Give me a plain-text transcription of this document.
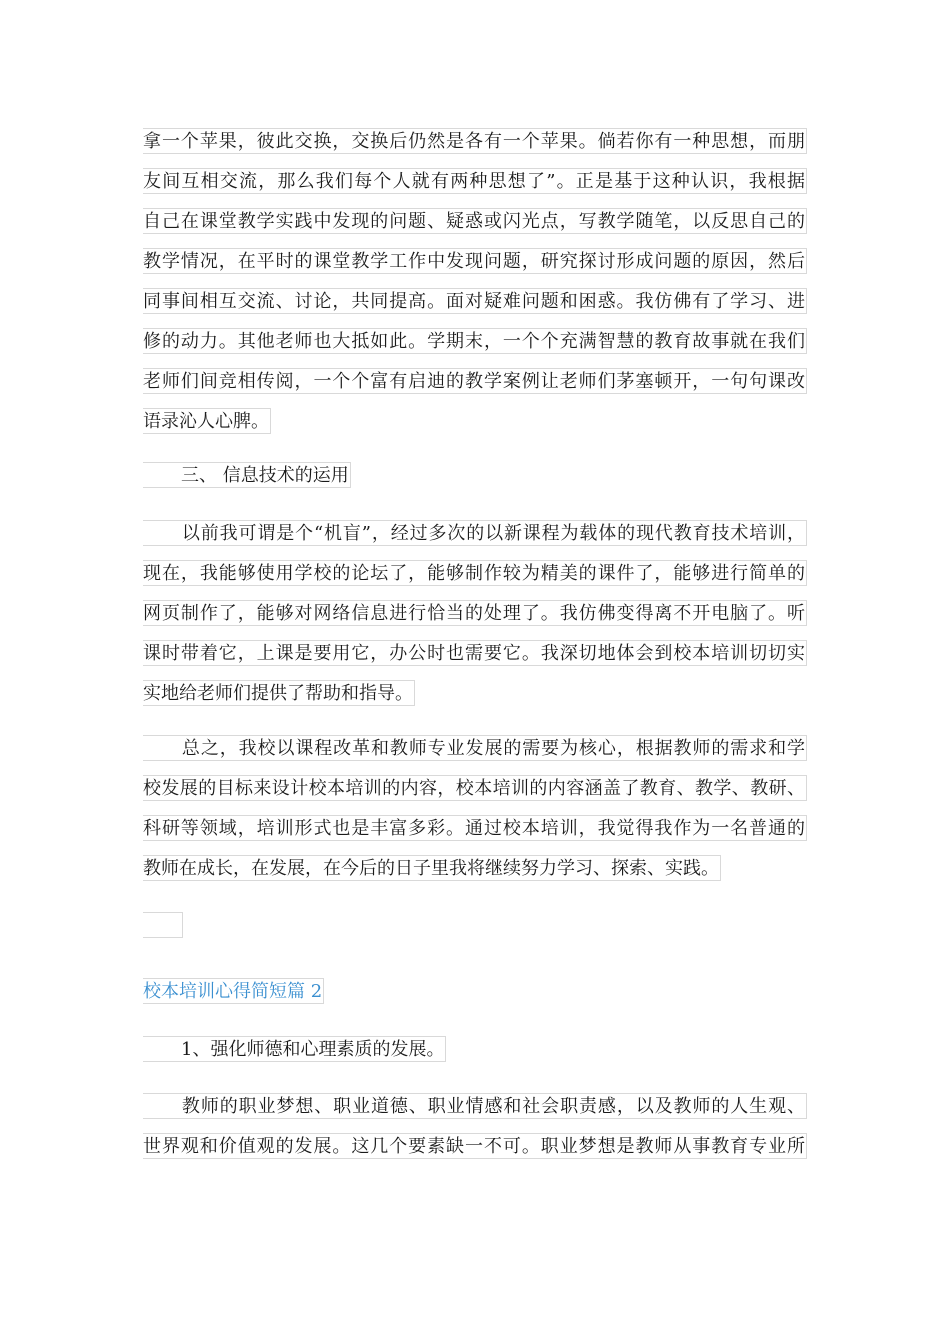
拿一个苹果，彼此交换，交换后仍然是各有一个苹果。倘若你有一种思想，而朋
友间互相交流，那么我们每个人就有两种思想了”。正是基于这种认识，我根据
自己在课堂教学实践中发现的问题、疑惑或闪光点，写教学随笔，以反思自己的
教学情况，在平时的课堂教学工作中发现问题，研究探讨形成问题的原因，然后
同事间相互交流、讨论，共同提高。面对疑难问题和困惑。我仿佛有了学习、进
修的动力。其他老师也大抵如此。学期末，一个个充满智慧的教育故事就在我们
老师们间竞相传阅，一个个富有启迪的教学案例让老师们茅塞顿开，一句句课改
语录沁人心脾。
三、 信息技术的运用
以前我可谓是个“机盲”，经过多次的以新课程为载体的现代教育技术培训，
现在，我能够使用学校的论坛了，能够制作较为精美的课件了，能够进行简单的
网页制作了，能够对网络信息进行恰当的处理了。我仿佛变得离不开电脑了。听
课时带着它，上课是要用它，办公时也需要它。我深切地体会到校本培训切切实
实地给老师们提供了帮助和指导。
总之，我校以课程改革和教师专业发展的需要为核心，根据教师的需求和学
校发展的目标来设计校本培训的内容，校本培训的内容涵盖了教育、教学、教研、
科研等领域，培训形式也是丰富多彩。通过校本培训，我觉得我作为一名普通的
教师在成长，在发展，在今后的日子里我将继续努力学习、探索、实践。
校本培训心得简短篇 2
1、强化师德和心理素质的发展。
教师的职业梦想、职业道德、职业情感和社会职责感，以及教师的人生观、
世界观和价值观的发展。这几个要素缺一不可。职业梦想是教师从事教育专业所
